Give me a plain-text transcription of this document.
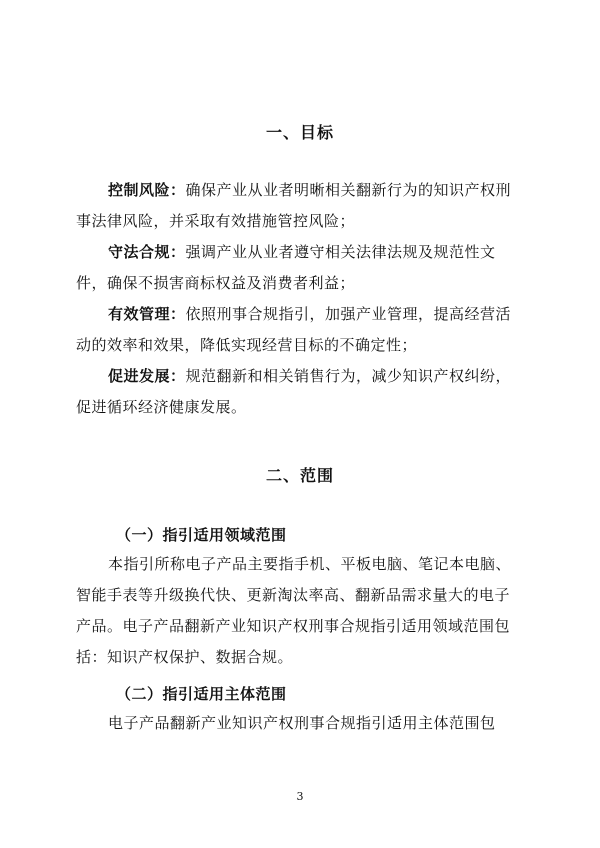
一、目标
控制风险：确保产业从业者明晰相关翻新行为的知识产权刑
事法律风险，并采取有效措施管控风险；
守法合规：强调产业从业者遵守相关法律法规及规范性文
件，确保不损害商标权益及消费者利益；
有效管理：依照刑事合规指引，加强产业管理，提高经营活
动的效率和效果，降低实现经营目标的不确定性；
促进发展：规范翻新和相关销售行为，减少知识产权纠纷，
促进循环经济健康发展。
二、范围
（一）指引适用领域范围
本指引所称电子产品主要指手机、平板电脑、笔记本电脑、
智能手表等升级换代快、更新淘汰率高、翻新品需求量大的电子
产品。电子产品翻新产业知识产权刑事合规指引适用领域范围包
括：知识产权保护、数据合规。
（二）指引适用主体范围
电子产品翻新产业知识产权刑事合规指引适用主体范围包
3
